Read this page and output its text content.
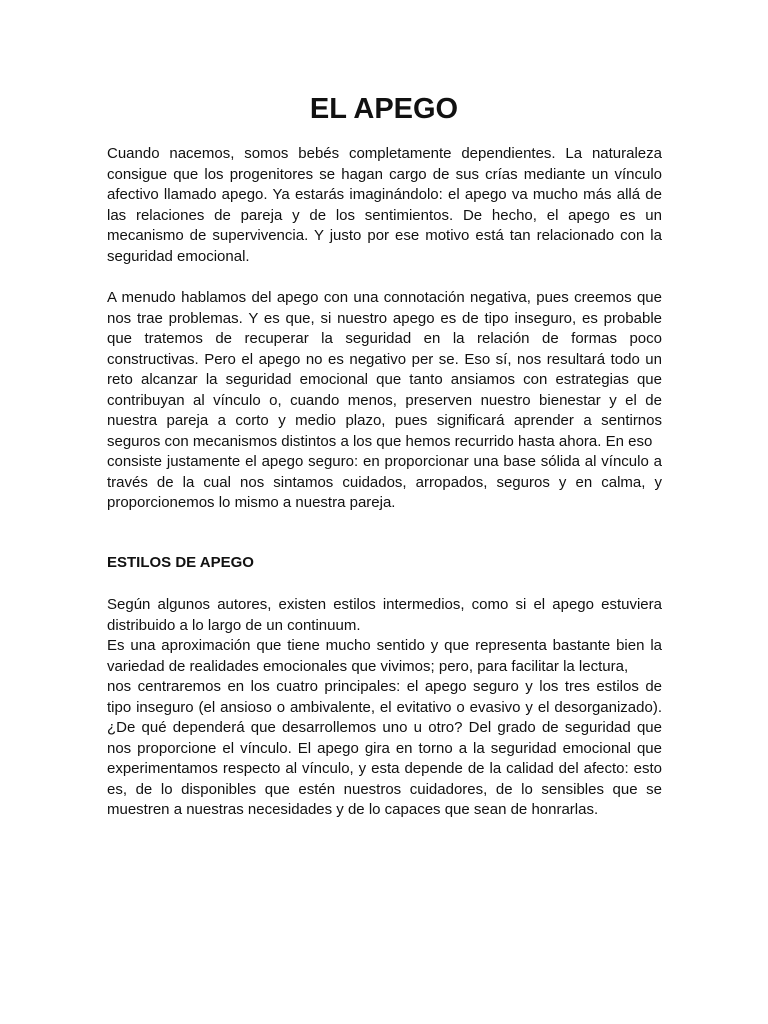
EL APEGO
Cuando nacemos, somos bebés completamente dependientes. La naturaleza
consigue que los progenitores se hagan cargo de sus crías mediante un vínculo
afectivo llamado apego. Ya estarás imaginándolo: el apego va mucho más allá de
las relaciones de pareja y de los sentimientos. De hecho, el apego es un
mecanismo de supervivencia. Y justo por ese motivo está tan relacionado con la
seguridad emocional.
A menudo hablamos del apego con una connotación negativa, pues creemos que
nos trae problemas. Y es que, si nuestro apego es de tipo inseguro, es probable
que tratemos de recuperar la seguridad en la relación de formas poco
constructivas. Pero el apego no es negativo per se. Eso sí, nos resultará todo un
reto alcanzar la seguridad emocional que tanto ansiamos con estrategias que
contribuyan al vínculo o, cuando menos, preserven nuestro bienestar y el de
nuestra pareja a corto y medio plazo, pues significará aprender a sentirnos
seguros con mecanismos distintos a los que hemos recurrido hasta ahora. En eso
consiste justamente el apego seguro: en proporcionar una base sólida al vínculo a
través de la cual nos sintamos cuidados, arropados, seguros y en calma, y
proporcionemos lo mismo a nuestra pareja.
ESTILOS DE APEGO
Según algunos autores, existen estilos intermedios, como si el apego estuviera
distribuido a lo largo de un continuum.
Es una aproximación que tiene mucho sentido y que representa bastante bien la
variedad de realidades emocionales que vivimos; pero, para facilitar la lectura,
nos centraremos en los cuatro principales: el apego seguro y los tres estilos de
tipo inseguro (el ansioso o ambivalente, el evitativo o evasivo y el desorganizado).
¿De qué dependerá que desarrollemos uno u otro? Del grado de seguridad que
nos proporcione el vínculo. El apego gira en torno a la seguridad emocional que
experimentamos respecto al vínculo, y esta depende de la calidad del afecto: esto
es, de lo disponibles que estén nuestros cuidadores, de lo sensibles que se
muestren a nuestras necesidades y de lo capaces que sean de honrarlas.
